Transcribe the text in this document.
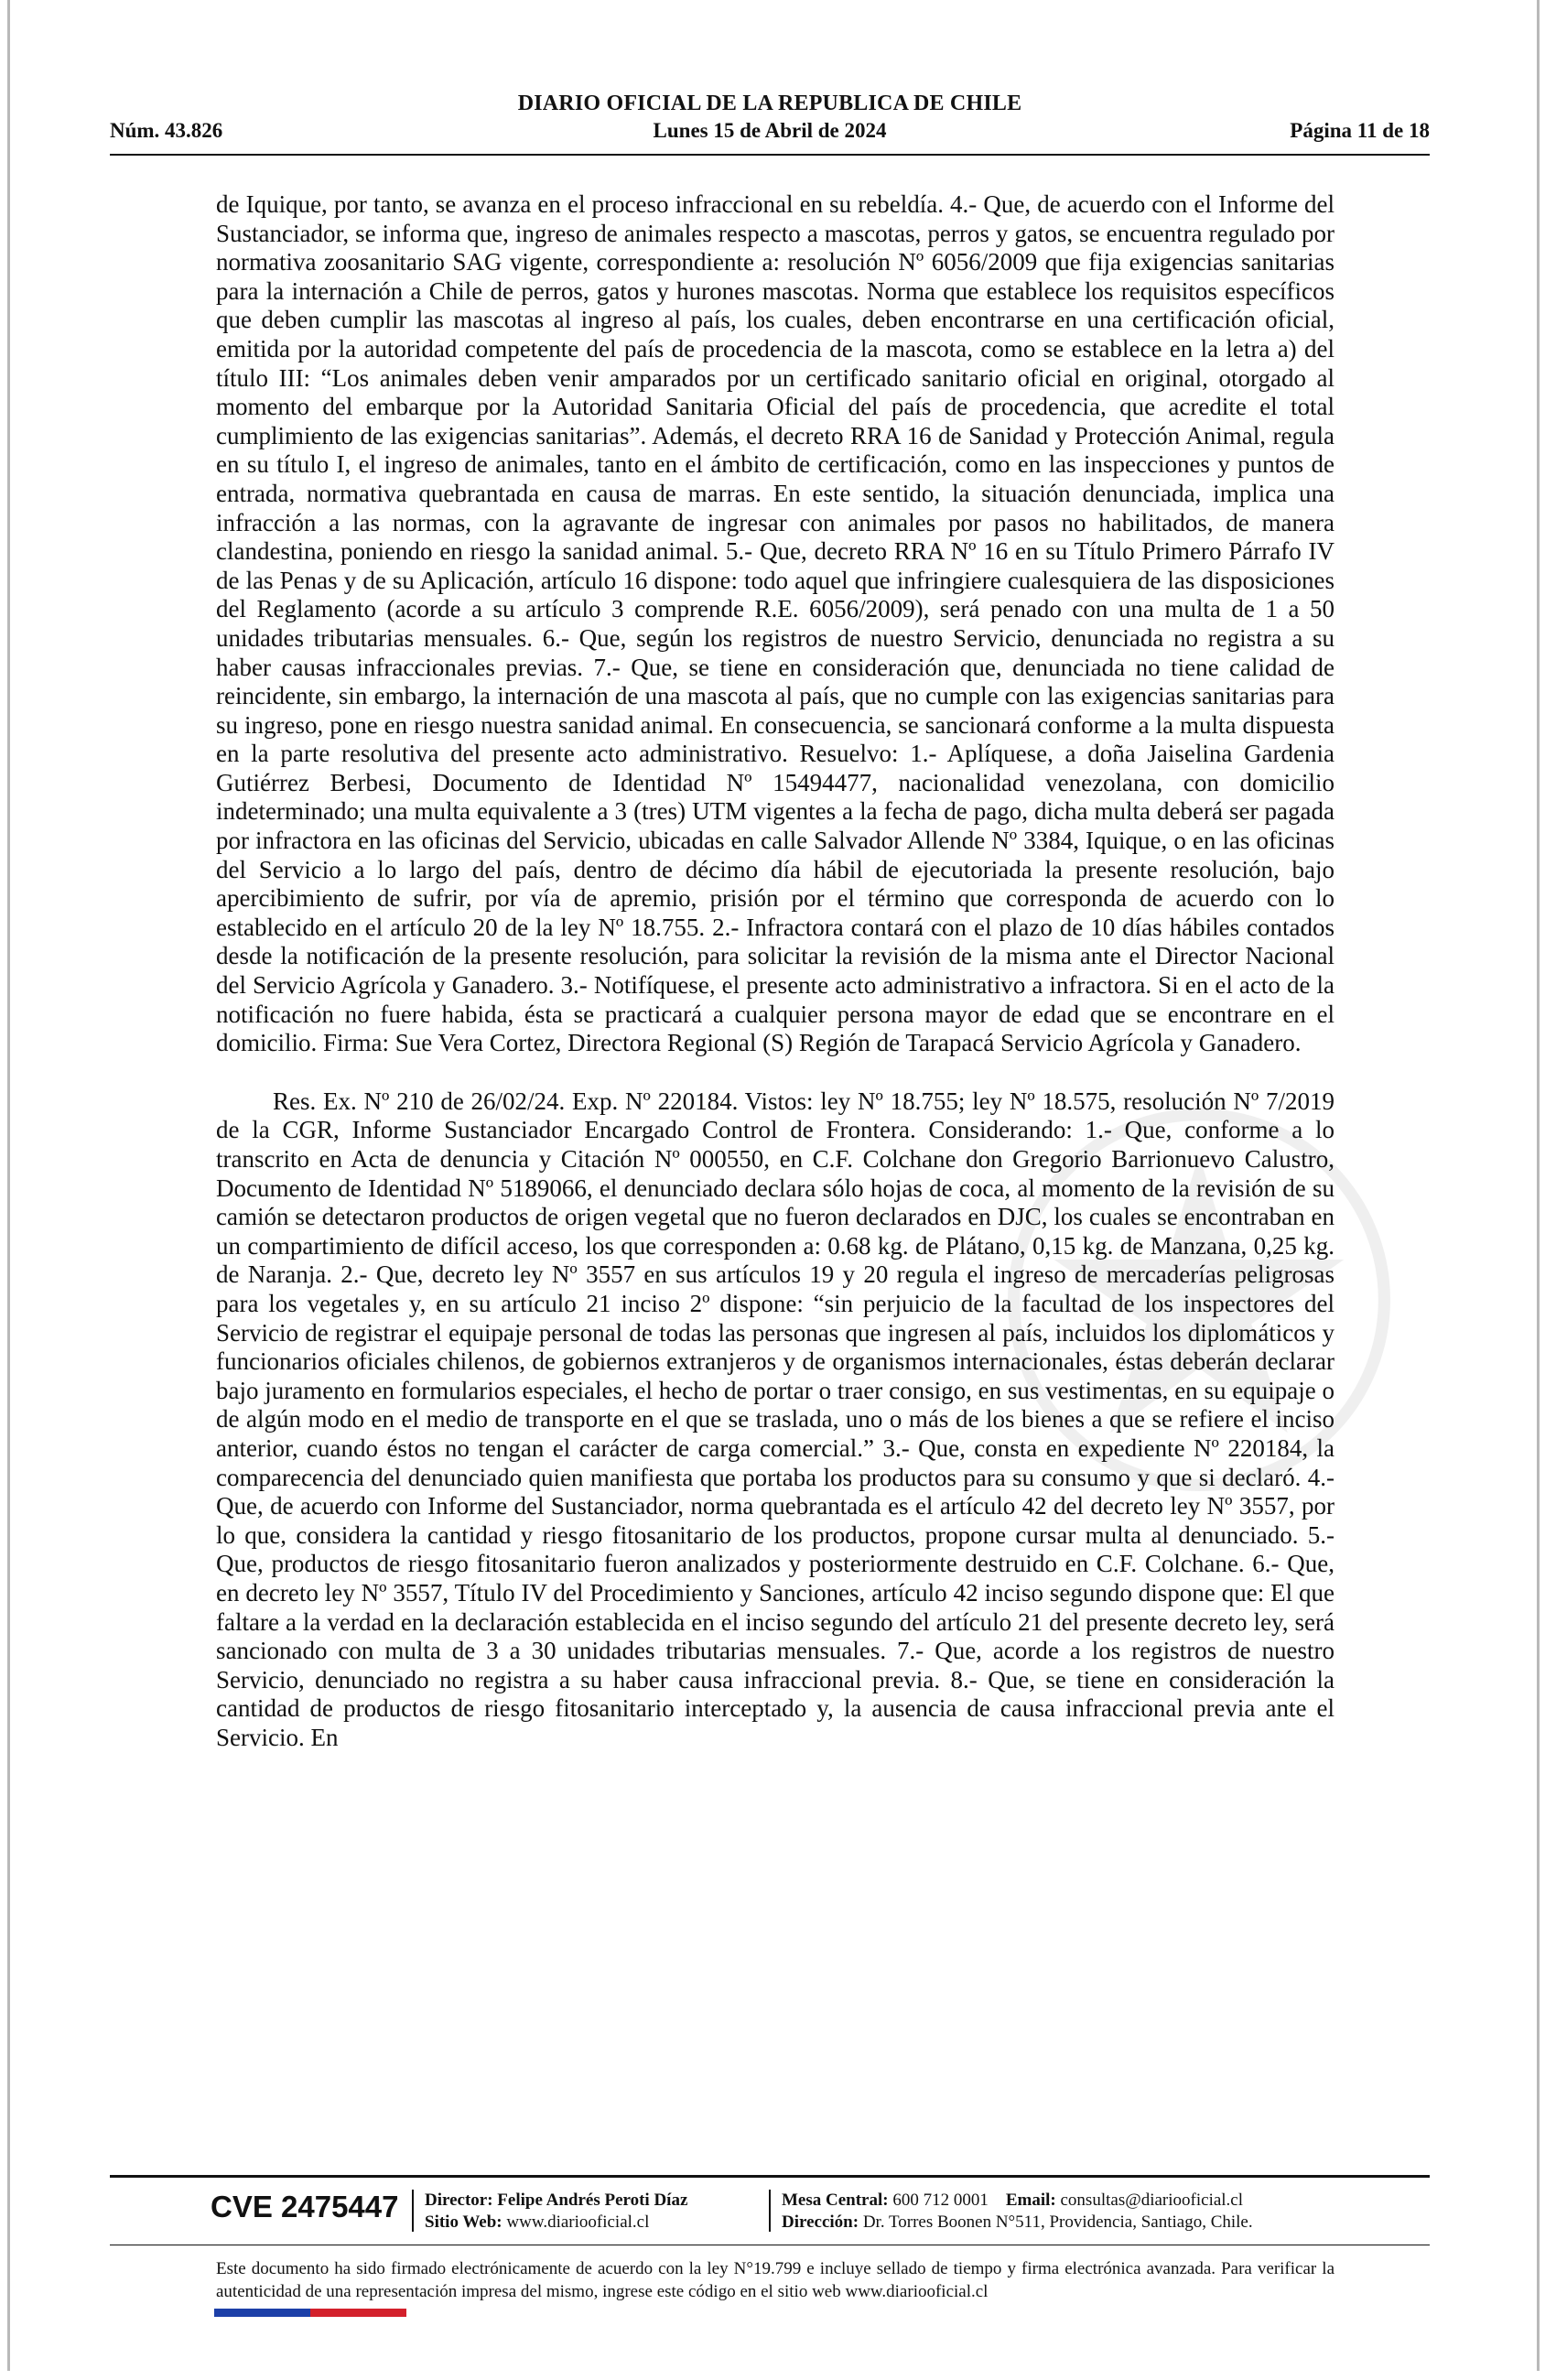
DIARIO OFICIAL DE LA REPUBLICA DE CHILE
Núm. 43.826	Lunes 15 de Abril de 2024	Página 11 de 18

de Iquique, por tanto, se avanza en el proceso infraccional en su rebeldía. 4.- Que, de acuerdo con el Informe del Sustanciador, se informa que, ingreso de animales respecto a mascotas, perros y gatos, se encuentra regulado por normativa zoosanitario SAG vigente, correspondiente a: resolución Nº 6056/2009 que fija exigencias sanitarias para la internación a Chile de perros, gatos y hurones mascotas. Norma que establece los requisitos específicos que deben cumplir las mascotas al ingreso al país, los cuales, deben encontrarse en una certificación oficial, emitida por la autoridad competente del país de procedencia de la mascota, como se establece en la letra a) del título III: “Los animales deben venir amparados por un certificado sanitario oficial en original, otorgado al momento del embarque por la Autoridad Sanitaria Oficial del país de procedencia, que acredite el total cumplimiento de las exigencias sanitarias”. Además, el decreto RRA 16 de Sanidad y Protección Animal, regula en su título I, el ingreso de animales, tanto en el ámbito de certificación, como en las inspecciones y puntos de entrada, normativa quebrantada en causa de marras. En este sentido, la situación denunciada, implica una infracción a las normas, con la agravante de ingresar con animales por pasos no habilitados, de manera clandestina, poniendo en riesgo la sanidad animal. 5.- Que, decreto RRA Nº 16 en su Título Primero Párrafo IV de las Penas y de su Aplicación, artículo 16 dispone: todo aquel que infringiere cualesquiera de las disposiciones del Reglamento (acorde a su artículo 3 comprende R.E. 6056/2009), será penado con una multa de 1 a 50 unidades tributarias mensuales. 6.- Que, según los registros de nuestro Servicio, denunciada no registra a su haber causas infraccionales previas. 7.- Que, se tiene en consideración que, denunciada no tiene calidad de reincidente, sin embargo, la internación de una mascota al país, que no cumple con las exigencias sanitarias para su ingreso, pone en riesgo nuestra sanidad animal. En consecuencia, se sancionará conforme a la multa dispuesta en la parte resolutiva del presente acto administrativo. Resuelvo: 1.- Aplíquese, a doña Jaiselina Gardenia Gutiérrez Berbesi, Documento de Identidad Nº 15494477, nacionalidad venezolana, con domicilio indeterminado; una multa equivalente a 3 (tres) UTM vigentes a la fecha de pago, dicha multa deberá ser pagada por infractora en las oficinas del Servicio, ubicadas en calle Salvador Allende Nº 3384, Iquique, o en las oficinas del Servicio a lo largo del país, dentro de décimo día hábil de ejecutoriada la presente resolución, bajo apercibimiento de sufrir, por vía de apremio, prisión por el término que corresponda de acuerdo con lo establecido en el artículo 20 de la ley Nº 18.755. 2.- Infractora contará con el plazo de 10 días hábiles contados desde la notificación de la presente resolución, para solicitar la revisión de la misma ante el Director Nacional del Servicio Agrícola y Ganadero. 3.- Notifíquese, el presente acto administrativo a infractora. Si en el acto de la notificación no fuere habida, ésta se practicará a cualquier persona mayor de edad que se encontrare en el domicilio. Firma: Sue Vera Cortez, Directora Regional (S) Región de Tarapacá Servicio Agrícola y Ganadero.

Res. Ex. Nº 210 de 26/02/24. Exp. Nº 220184. Vistos: ley Nº 18.755; ley Nº 18.575, resolución Nº 7/2019 de la CGR, Informe Sustanciador Encargado Control de Frontera. Considerando: 1.- Que, conforme a lo transcrito en Acta de denuncia y Citación Nº 000550, en C.F. Colchane don Gregorio Barrionuevo Calustro, Documento de Identidad Nº 5189066, el denunciado declara sólo hojas de coca, al momento de la revisión de su camión se detectaron productos de origen vegetal que no fueron declarados en DJC, los cuales se encontraban en un compartimiento de difícil acceso, los que corresponden a: 0.68 kg. de Plátano, 0,15 kg. de Manzana, 0,25 kg. de Naranja. 2.- Que, decreto ley Nº 3557 en sus artículos 19 y 20 regula el ingreso de mercaderías peligrosas para los vegetales y, en su artículo 21 inciso 2º dispone: “sin perjuicio de la facultad de los inspectores del Servicio de registrar el equipaje personal de todas las personas que ingresen al país, incluidos los diplomáticos y funcionarios oficiales chilenos, de gobiernos extranjeros y de organismos internacionales, éstas deberán declarar bajo juramento en formularios especiales, el hecho de portar o traer consigo, en sus vestimentas, en su equipaje o de algún modo en el medio de transporte en el que se traslada, uno o más de los bienes a que se refiere el inciso anterior, cuando éstos no tengan el carácter de carga comercial.” 3.- Que, consta en expediente Nº 220184, la comparecencia del denunciado quien manifiesta que portaba los productos para su consumo y que si declaró. 4.- Que, de acuerdo con Informe del Sustanciador, norma quebrantada es el artículo 42 del decreto ley Nº 3557, por lo que, considera la cantidad y riesgo fitosanitario de los productos, propone cursar multa al denunciado. 5.- Que, productos de riesgo fitosanitario fueron analizados y posteriormente destruido en C.F. Colchane. 6.- Que, en decreto ley Nº 3557, Título IV del Procedimiento y Sanciones, artículo 42 inciso segundo dispone que: El que faltare a la verdad en la declaración establecida en el inciso segundo del artículo 21 del presente decreto ley, será sancionado con multa de 3 a 30 unidades tributarias mensuales. 7.- Que, acorde a los registros de nuestro Servicio, denunciado no registra a su haber causa infraccional previa. 8.- Que, se tiene en consideración la cantidad de productos de riesgo fitosanitario interceptado y, la ausencia de causa infraccional previa ante el Servicio. En

CVE 2475447 Director: Felipe Andrés Peroti Díaz
Sitio Web: www.diariooficial.cl
Mesa Central: 600 712 0001 Email: consultas@diariooficial.cl
Dirección: Dr. Torres Boonen N°511, Providencia, Santiago, Chile.
Este documento ha sido firmado electrónicamente de acuerdo con la ley N°19.799 e incluye sellado de tiempo y firma electrónica avanzada. Para verificar la autenticidad de una representación impresa del mismo, ingrese este código en el sitio web www.diariooficial.cl
